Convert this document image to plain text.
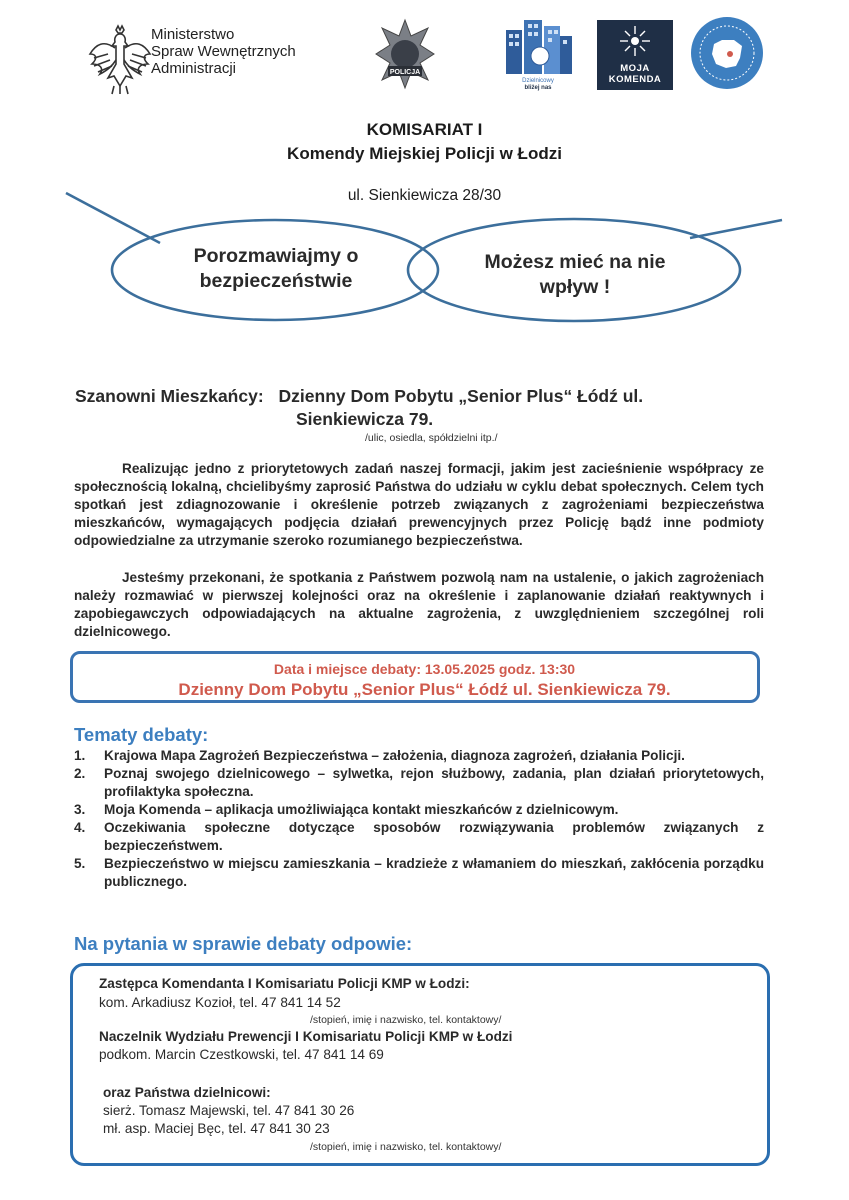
Ministerstwo
Spraw Wewnętrznych
Administracji	POLICJA
Dzielnicowy
bliżej nas
MOJA
KOMENDA
KOMISARIAT I
Komendy Miejskiej Policji w Łodzi
ul. Sienkiewicza 28/30
Porozmawiajmy o
bezpieczeństwie
Możesz mieć na nie
wpływ !
Szanowni Mieszkańcy: Dzienny Dom Pobytu „Senior Plus“ Łódź ul.
Sienkiewicza 79.
/ulic, osiedla, spółdzielni itp./
Realizując jedno z priorytetowych zadań naszej formacji, jakim jest zacieśnienie współpracy ze społecznością lokalną, chcielibyśmy zaprosić Państwa do udziału w cyklu debat społecznych. Celem tych spotkań jest zdiagnozowanie i określenie potrzeb związanych z zagrożeniami bezpieczeństwa mieszkańców, wymagających podjęcia działań prewencyjnych przez Policję bądź inne podmioty odpowiedzialne za utrzymanie szeroko rozumianego bezpieczeństwa.
Jesteśmy przekonani, że spotkania z Państwem pozwolą nam na ustalenie, o jakich zagrożeniach należy rozmawiać w pierwszej kolejności oraz na określenie i zaplanowanie działań reaktywnych i zapobiegawczych odpowiadających na aktualne zagrożenia, z uwzględnieniem szczególnej roli dzielnicowego.
Data i miejsce debaty: 13.05.2025 godz. 13:30
Dzienny Dom Pobytu „Senior Plus“ Łódź ul. Sienkiewicza 79.
Tematy debaty:
1. Krajowa Mapa Zagrożeń Bezpieczeństwa – założenia, diagnoza zagrożeń, działania Policji.
2. Poznaj swojego dzielnicowego – sylwetka, rejon służbowy, zadania, plan działań priorytetowych, profilaktyka społeczna.
3. Moja Komenda – aplikacja umożliwiająca kontakt mieszkańców z dzielnicowym.
4. Oczekiwania społeczne dotyczące sposobów rozwiązywania problemów związanych z bezpieczeństwem.
5. Bezpieczeństwo w miejscu zamieszkania – kradzieże z włamaniem do mieszkań, zakłócenia porządku publicznego.
Na pytania w sprawie debaty odpowie:
Zastępca Komendanta I Komisariatu Policji KMP w Łodzi:
kom. Arkadiusz Kozioł, tel. 47 841 14 52
/stopień, imię i nazwisko, tel. kontaktowy/
Naczelnik Wydziału Prewencji I Komisariatu Policji KMP w Łodzi
podkom. Marcin Czestkowski, tel. 47 841 14 69
oraz Państwa dzielnicowi:
sierż. Tomasz Majewski, tel. 47 841 30 26
mł. asp. Maciej Bęc, tel. 47 841 30 23
/stopień, imię i nazwisko, tel. kontaktowy/
